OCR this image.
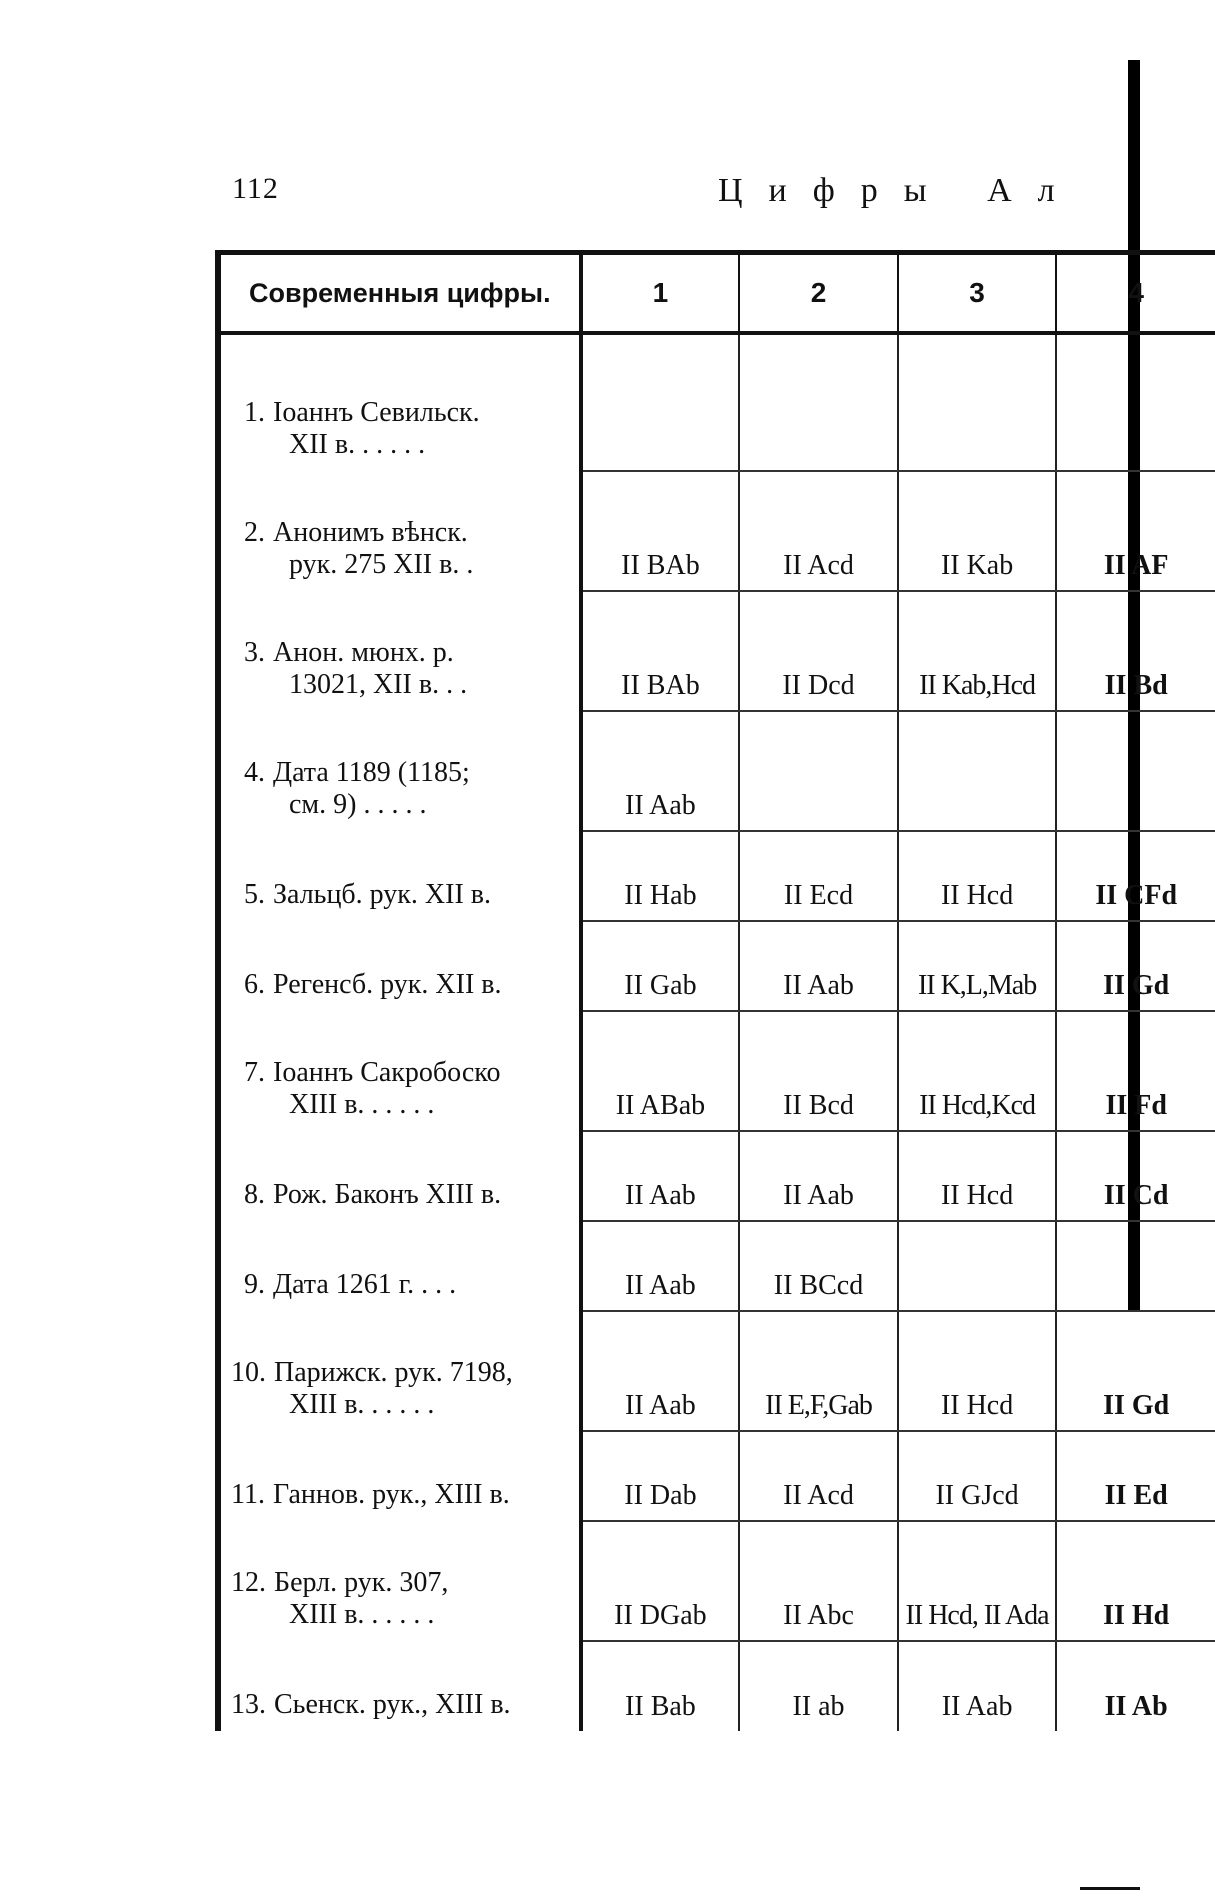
112	Цифры Ал
Современныя цифры.	1	2	3	4

1. Іоаннъ Севильск.
XII в. . . . . .				

2. Анонимъ вѣнск.
рук. 275 XII в. .	II BAb	II Acd	II Kab	II AF

3. Анон. мюнх. р.
13021, XII в. . .	II BAb	II Dcd	II Kab,Hcd	II Bd

4. Дата 1189 (1185;
см. 9) . . . . .	II Aab			

5. Зальцб. рук. XII в.	II Hab	II Ecd	II Hcd	II CFd

6. Регенсб. рук. XII в.	II Gab	II Aab	II K,L,Mab	II Gd

7. Іоаннъ Сакробоско
XIII в. . . . . .	II ABab	II Bcd	II Hcd,Kcd	II Fd

8. Рож. Баконъ XIII в.	II Aab	II Aab	II Hcd	II Cd

9. Дата 1261 г. . . .	II Aab	II BCcd		

10. Парижск. рук. 7198,
XIII в. . . . . .	II Aab	II E,F,Gab	II Hcd	II Gd

11. Ганнов. рук., XIII в.	II Dab	II Acd	II GJcd	II Ed

12. Берл. рук. 307,
XIII в. . . . . .	II DGab	II Abc	II Hcd, II Ada	II Hd

13. Сьенск. рук., XIII в.	II Bab	II ab	II Aab	II Ab
